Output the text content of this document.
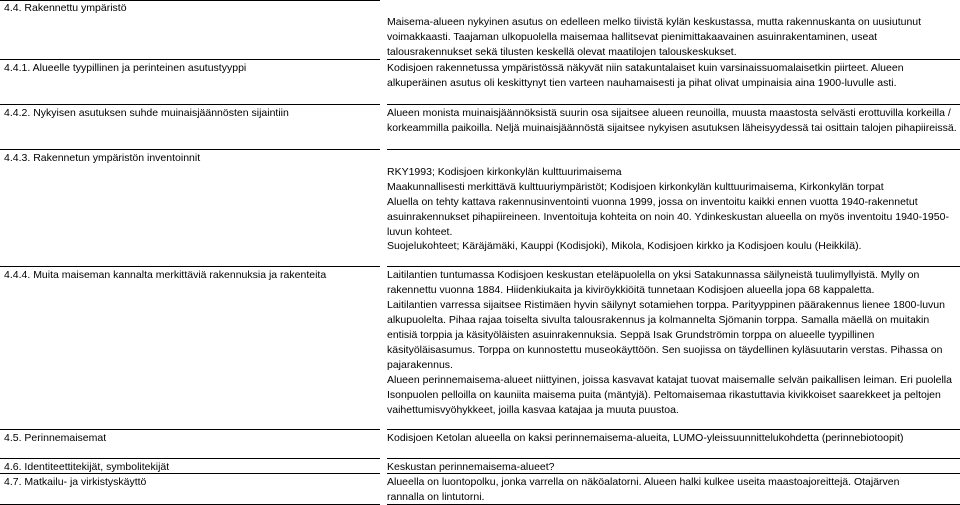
4.4. Rakennettu ympäristö
Maisema-alueen nykyinen asutus on edelleen melko tiivistä kylän keskustassa, mutta rakennuskanta on uusiutunut
voimakkaasti. Taajaman ulkopuolella maisemaa hallitsevat pienimittakaavainen asuinrakentaminen, useat
talousrakennukset sekä tilusten keskellä olevat maatilojen talouskeskukset.
4.4.1. Alueelle tyypillinen ja perinteinen asutustyyppi	Kodisjoen rakennetussa ympäristössä näkyvät niin satakuntalaiset kuin varsinaissuomalaisetkin piirteet. Alueen
alkuperäinen asutus oli keskittynyt tien varteen nauhamaisesti ja pihat olivat umpinaisia aina 1900-luvulle asti.
4.4.2. Nykyisen asutuksen suhde muinaisjäännösten sijaintiin	Alueen monista muinaisjäännöksistä suurin osa sijaitsee alueen reunoilla, muusta maastosta selvästi erottuvilla korkeilla /
korkeammilla paikoilla. Neljä muinaisjäännöstä sijaitsee nykyisen asutuksen läheisyydessä tai osittain talojen pihapiireissä.
4.4.3. Rakennetun ympäristön inventoinnit
RKY1993; Kodisjoen kirkonkylän kulttuurimaisema
Maakunnallisesti merkittävä kulttuuriympäristöt; Kodisjoen kirkonkylän kulttuurimaisema, Kirkonkylän torpat
Aluella on tehty kattava rakennusinventointi vuonna 1999, jossa on inventoitu kaikki ennen vuotta 1940-rakennetut
asuinrakennukset pihapiireineen. Inventoituja kohteita on noin 40. Ydinkeskustan alueella on myös inventoitu 1940-1950-
luvun kohteet.
Suojelukohteet; Käräjämäki, Kauppi (Kodisjoki), Mikola, Kodisjoen kirkko ja Kodisjoen koulu (Heikkilä).
4.4.4. Muita maiseman kannalta merkittäviä rakennuksia ja rakenteita	Laitilantien tuntumassa Kodisjoen keskustan eteläpuolella on yksi Satakunnassa säilyneistä tuulimyllyistä. Mylly on
rakennettu vuonna 1884. Hiidenkiukaita ja kiviröykkiöitä tunnetaan Kodisjoen alueella jopa 68 kappaletta.
Laitilantien varressa sijaitsee Ristimäen hyvin säilynyt sotamiehen torppa. Parityyppinen päärakennus lienee 1800-luvun
alkupuolelta. Pihaa rajaa toiselta sivulta talousrakennus ja kolmannelta Sjömanin torppa. Samalla mäellä on muitakin
entisiä torppia ja käsityöläisten asuinrakennuksia. Seppä Isak Grundströmin torppa on alueelle tyypillinen
käsityöläisasumus. Torppa on kunnostettu museokäyttöön. Sen suojissa on täydellinen kyläsuutarin verstas. Pihassa on
pajarakennus.
Alueen perinnemaisema-alueet niittyinen, joissa kasvavat katajat tuovat maisemalle selvän paikallisen leiman. Eri puolella
Isonpuolen pelloilla on kauniita maisema puita (mäntyjä). Peltomaisemaa rikastuttavia kivikkoiset saarekkeet ja peltojen
vaihettumisvyöhykkeet, joilla kasvaa katajaa ja muuta puustoa.
4.5. Perinnemaisemat	Kodisjoen Ketolan alueella on kaksi perinnemaisema-alueita, LUMO-yleissuunnittelukohdetta (perinnebiotoopit)
4.6. Identiteettitekijät, symbolitekijät	Keskustan perinnemaisema-alueet?
4.7. Matkailu- ja virkistyskäyttö	Alueella on luontopolku, jonka varrella on näköalatorni. Alueen halki kulkee useita maastoajoreittejä. Otajärven
rannalla on lintutorni.
